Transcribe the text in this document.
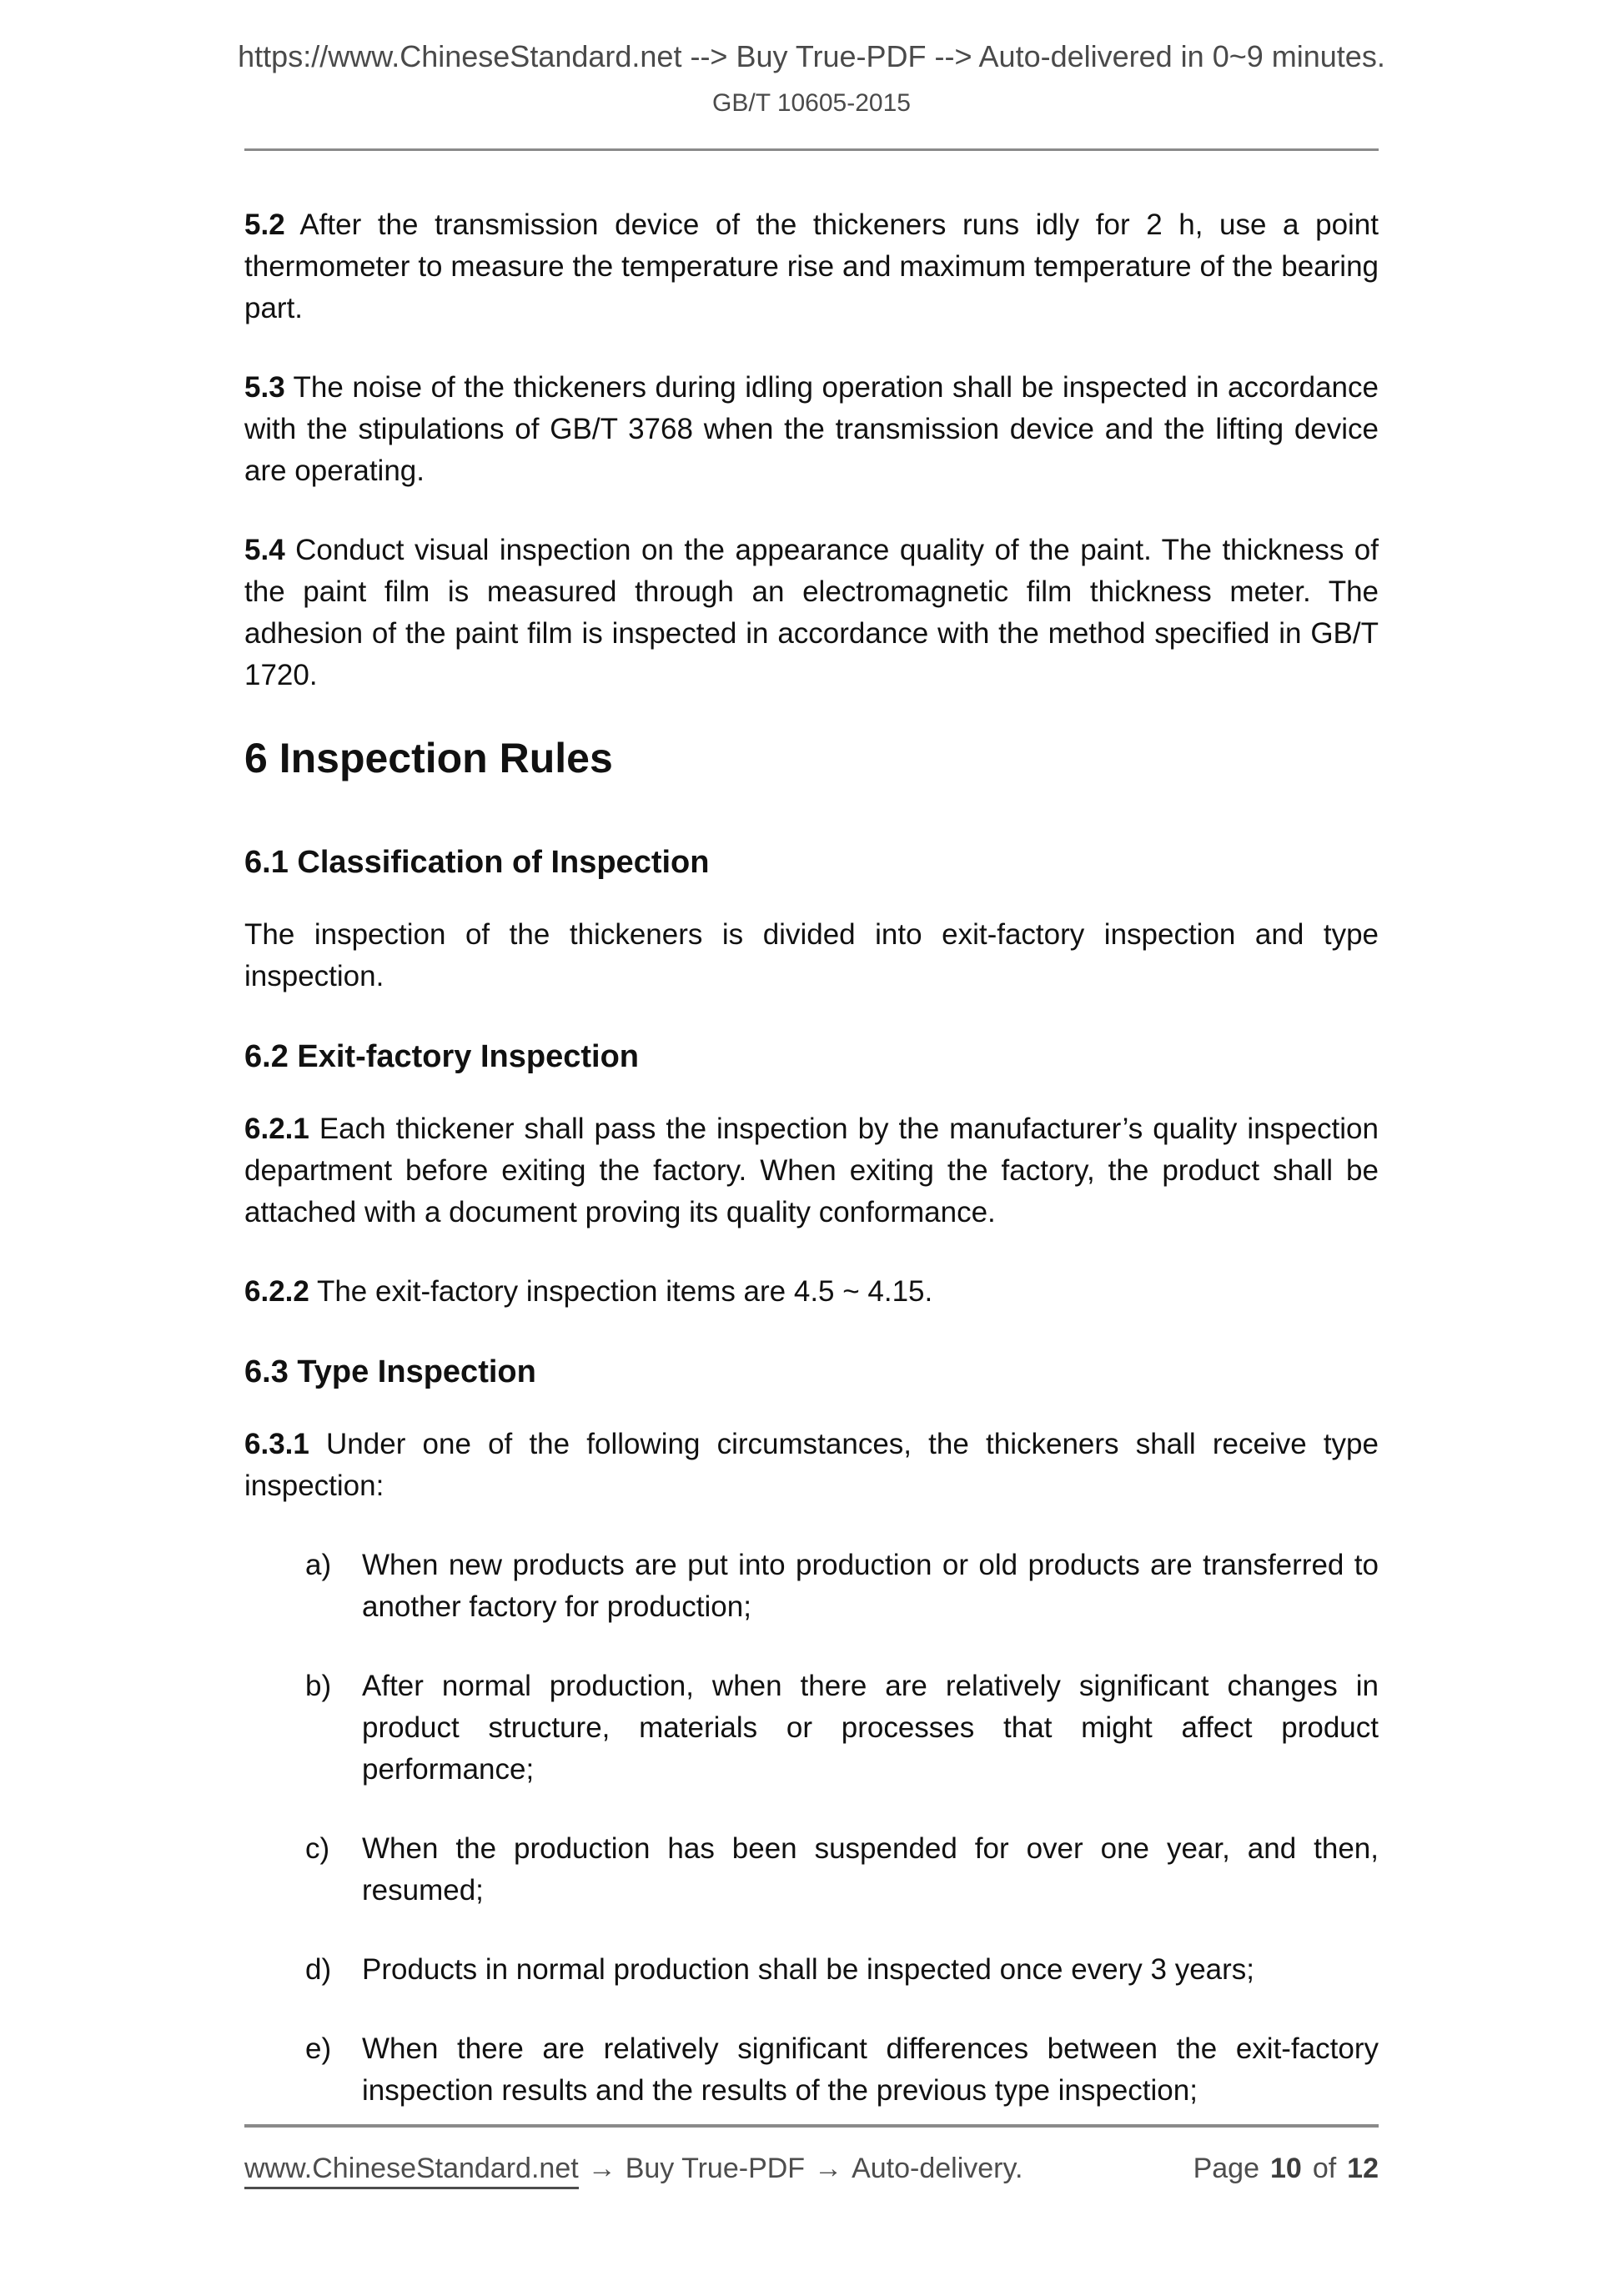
https://www.ChineseStandard.net --> Buy True-PDF --> Auto-delivered in 0~9 minutes.
GB/T 10605-2015

5.2 After the transmission device of the thickeners runs idly for 2 h, use a point thermometer to measure the temperature rise and maximum temperature of the bearing part.

5.3 The noise of the thickeners during idling operation shall be inspected in accordance with the stipulations of GB/T 3768 when the transmission device and the lifting device are operating.

5.4 Conduct visual inspection on the appearance quality of the paint. The thickness of the paint film is measured through an electromagnetic film thickness meter. The adhesion of the paint film is inspected in accordance with the method specified in GB/T 1720.

6 Inspection Rules
6.1 Classification of Inspection

The inspection of the thickeners is divided into exit-factory inspection and type inspection.

6.2 Exit-factory Inspection

6.2.1 Each thickener shall pass the inspection by the manufacturer’s quality inspection department before exiting the factory. When exiting the factory, the product shall be attached with a document proving its quality conformance.

6.2.2 The exit-factory inspection items are 4.5 ~ 4.15.

6.3 Type Inspection

6.3.1 Under one of the following circumstances, the thickeners shall receive type inspection:

a)	When new products are put into production or old products are transferred to another factory for production;
b)	After normal production, when there are relatively significant changes in product structure, materials or processes that might affect product performance;
c)	When the production has been suspended for over one year, and then, resumed;
d)	Products in normal production shall be inspected once every 3 years;
e)	When there are relatively significant differences between the exit-factory inspection results and the results of the previous type inspection;
www.ChineseStandard.net → Buy True-PDF → Auto-delivery.	Page 10 of 12
